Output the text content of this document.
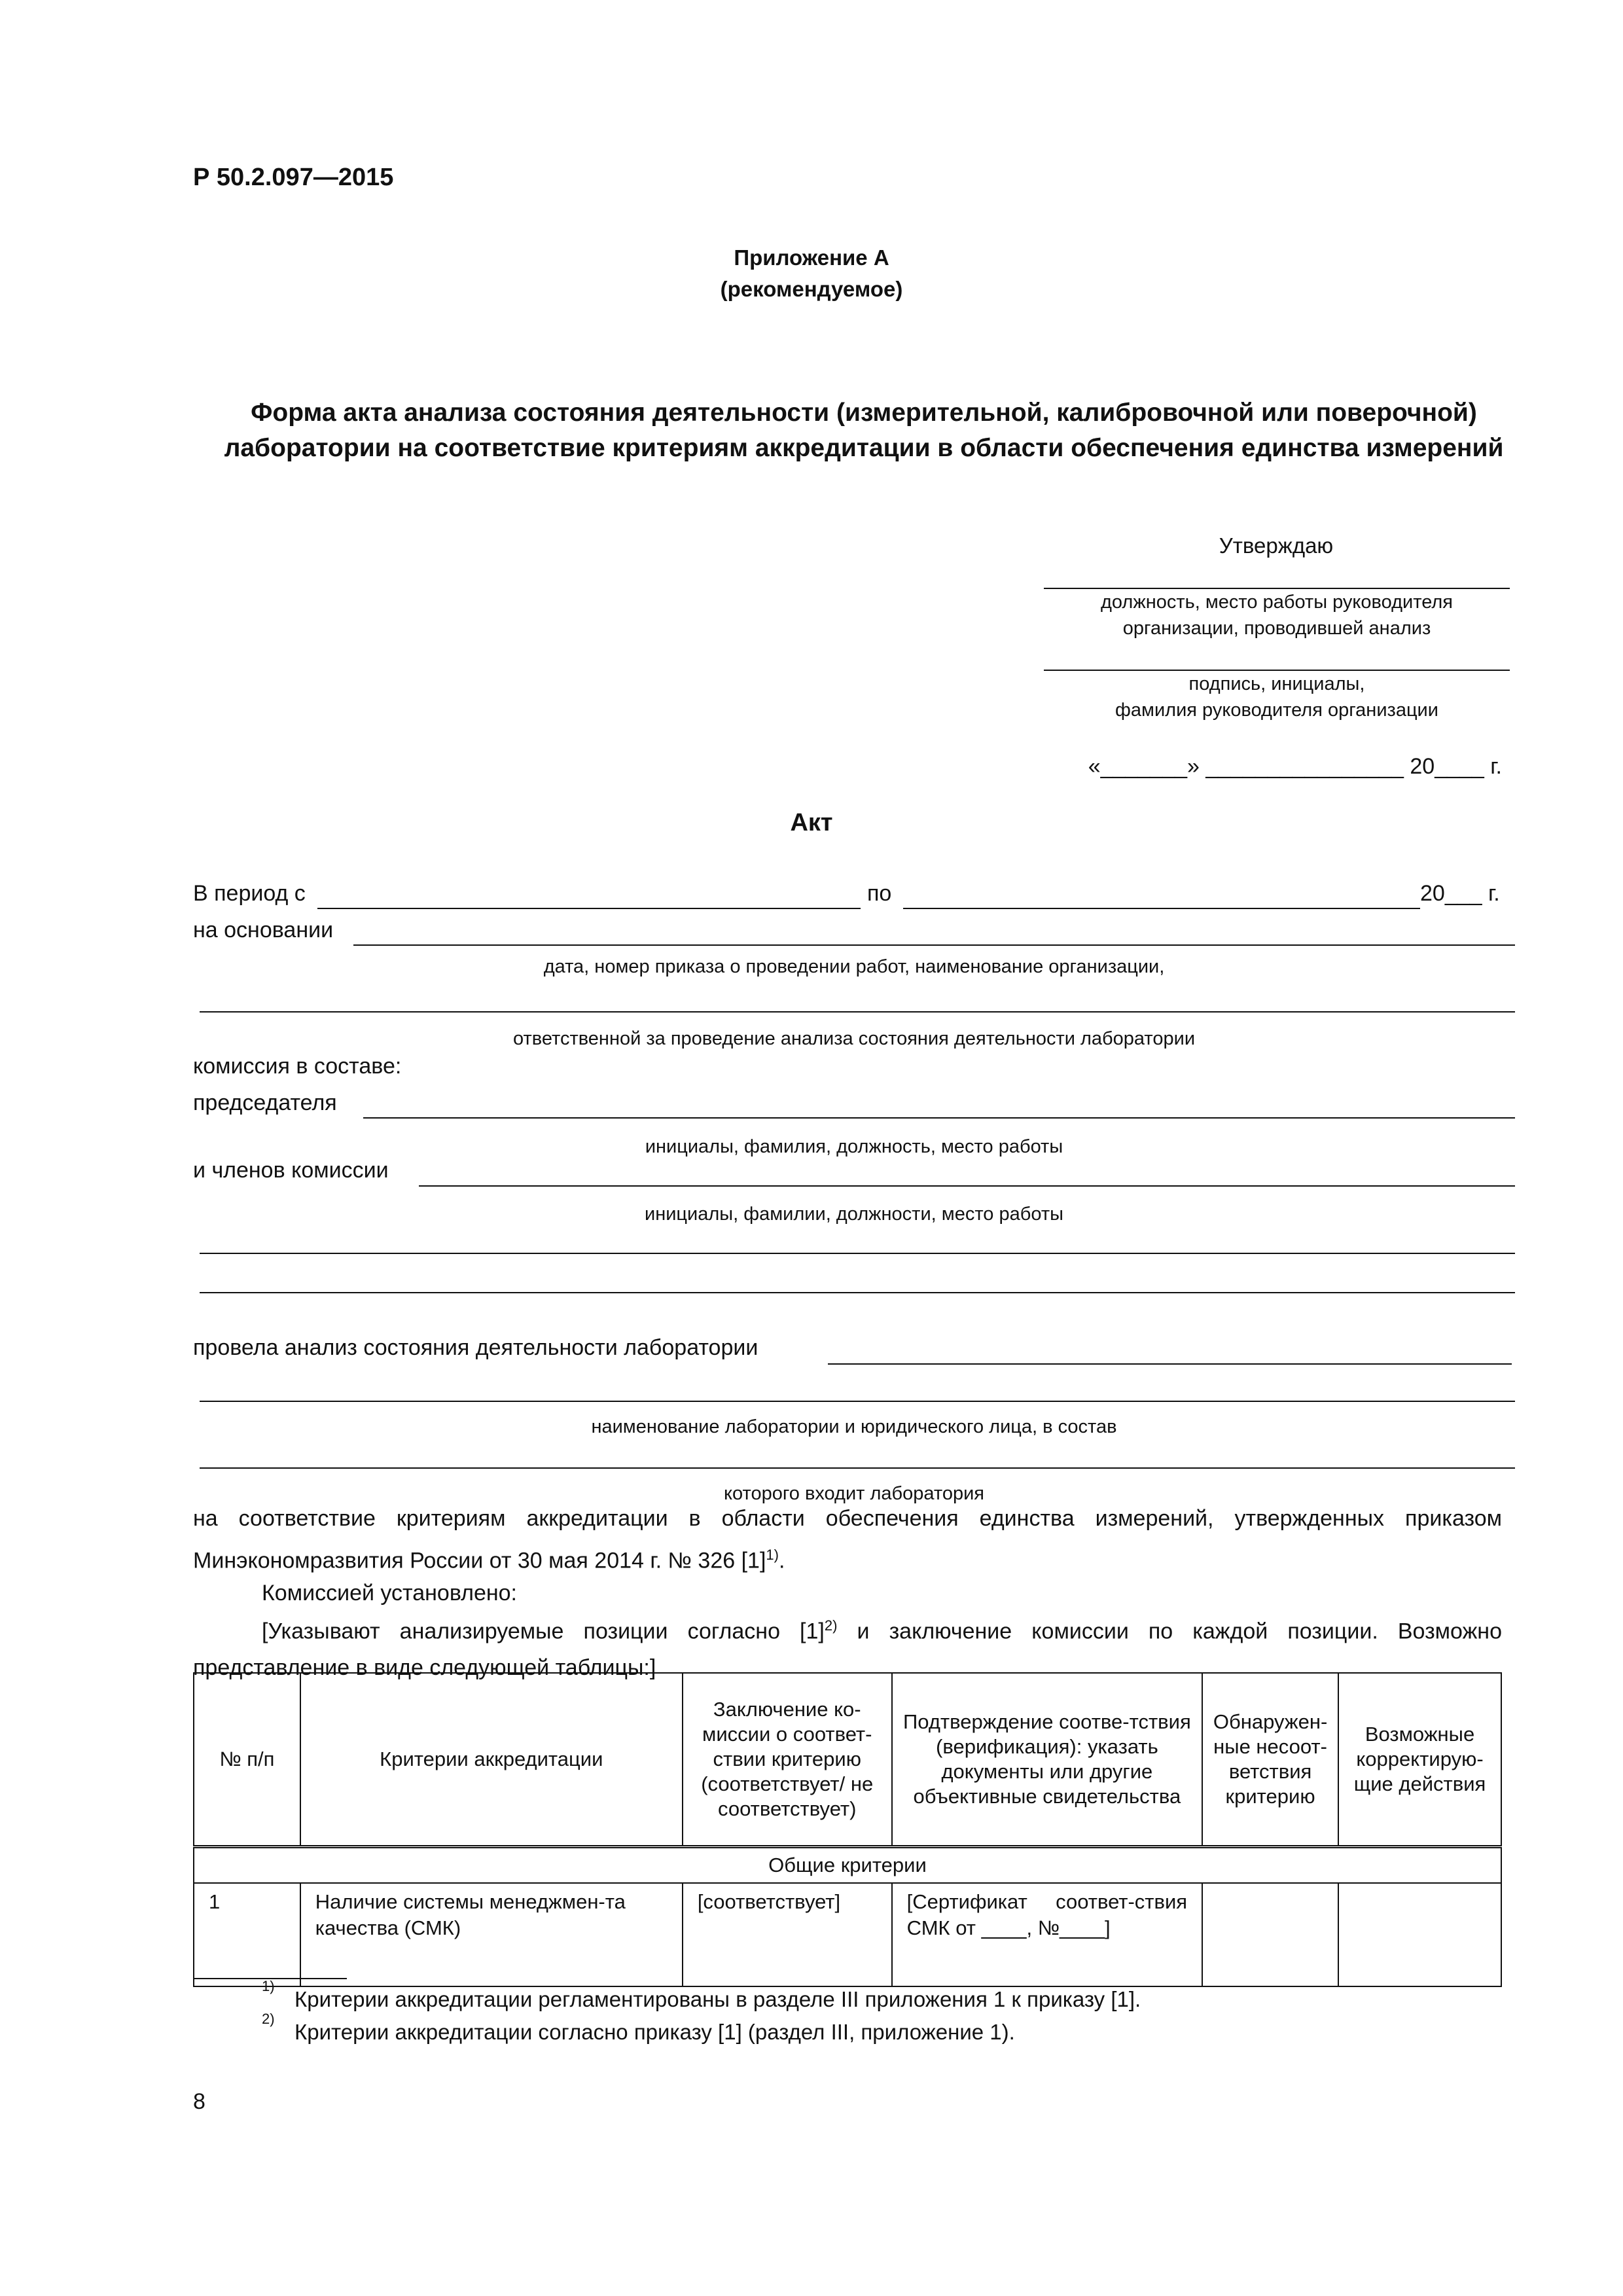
Р 50.2.097—2015
Приложение А
(рекомендуемое)
Форма акта анализа состояния деятельности (измерительной, калибровочной или поверочной) лаборатории на соответствие критериям аккредитации в области обеспечения единства измерений
Утверждаю
должность, место работы руководителя
организации, проводившей анализ
подпись, инициалы,
фамилия руководителя организации
«_______» ________________ 20____ г.
Акт
В период с	по	20___ г.
на основании
дата, номер приказа о проведении работ, наименование организации,
ответственной за проведение анализа состояния деятельности лаборатории
комиссия в составе:
председателя
инициалы, фамилия, должность, место работы
и членов комиссии
инициалы, фамилии, должности, место работы
провела анализ состояния деятельности лаборатории
наименование лаборатории и юридического лица, в состав
которого входит лаборатория
на соответствие критериям аккредитации в области обеспечения единства измерений, утвержденных приказом Минэкономразвития России от 30 мая 2014 г. № 326 $[1]^{1)}$.
Комиссией установлено:
[Указывают анализируемые позиции согласно $[1]^{2)}$ и заключение комиссии по каждой позиции. Возможно представление в виде следующей таблицы:]
№ п/п	Критерии аккредитации	Заключение ко-миссии о соответ-ствии критерию (соответствует/ не соответствует)	Подтверждение соотве-тствия (верификация): указать документы или другие объективные свидетельства	Обнаружен-ные несоот-ветствия критерию	Возможные корректирую-щие действия
Общие критерии					
1	Наличие системы менеджмен-та качества (СМК)	[соответствует]	[Сертификат соответ-ствия СМК от ____, №____]		
1)
Критерии аккредитации регламентированы в разделе III приложения 1 к приказу [1].
2)
Критерии аккредитации согласно приказу [1] (раздел III, приложение 1).
8
